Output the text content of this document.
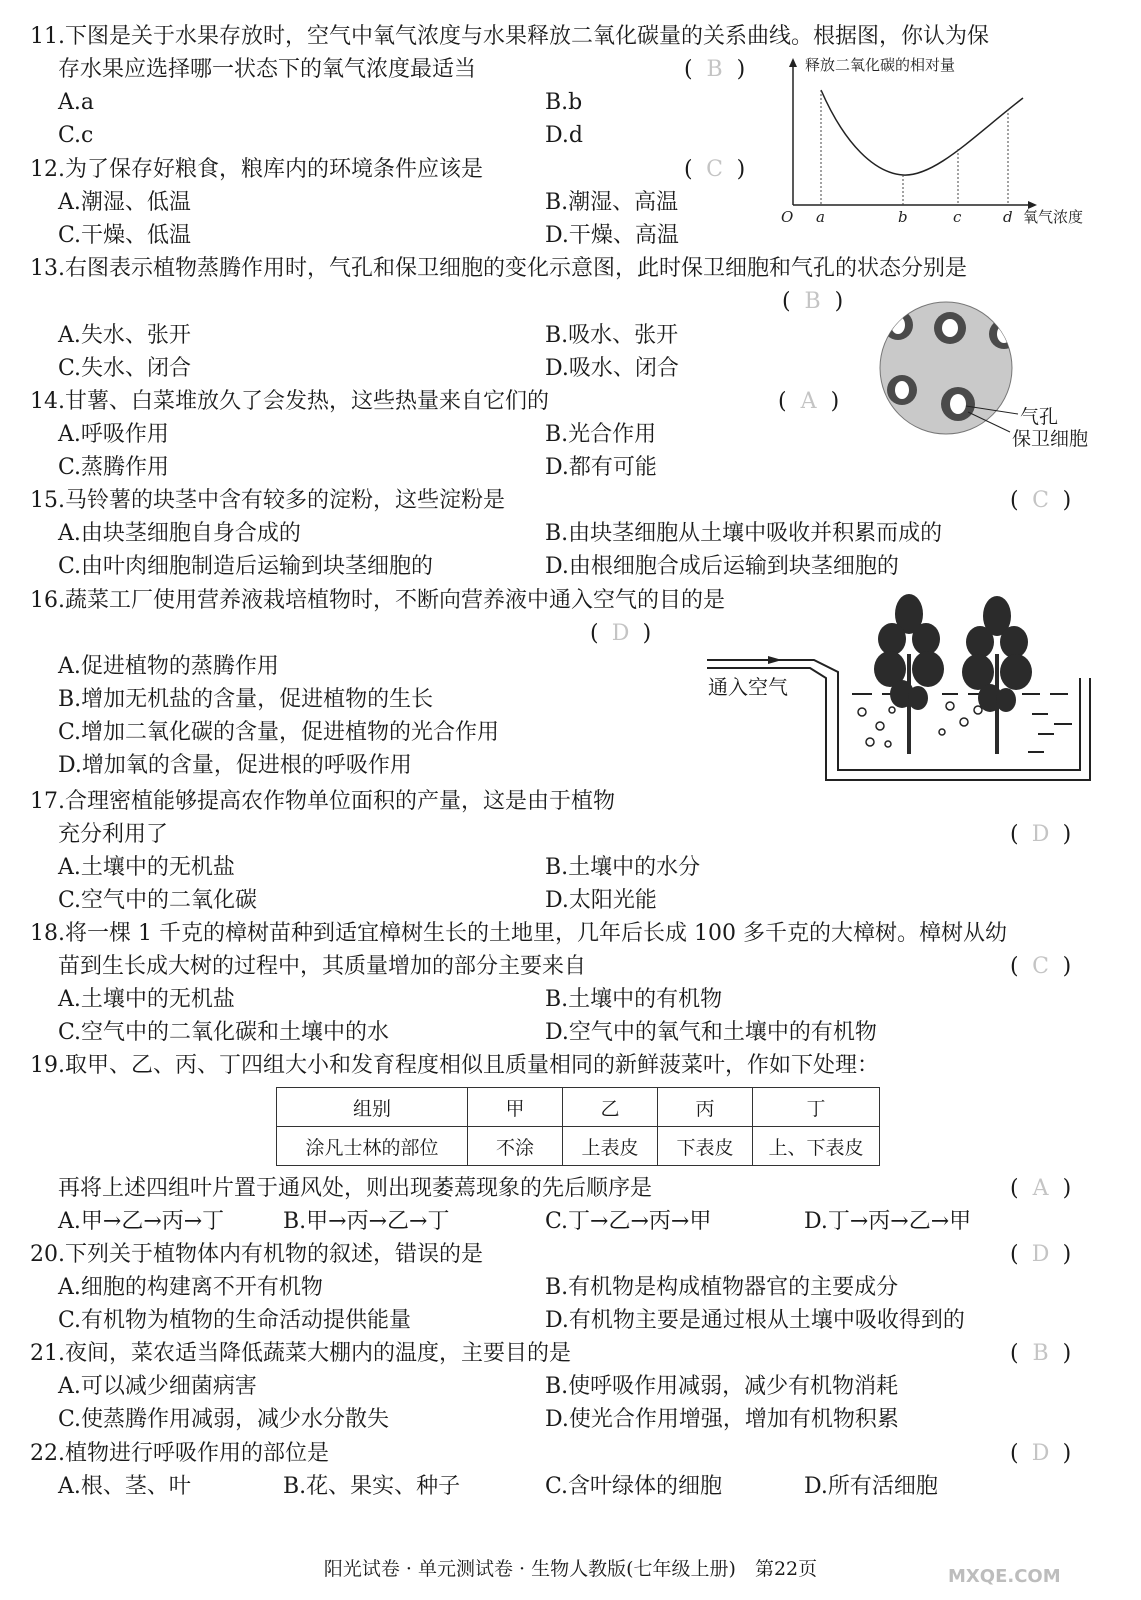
11.下图是关于水果存放时，空气中氧气浓度与水果释放二氧化碳量的关系曲线。根据图，你认为保
存水果应选择哪一状态下的氧气浓度最适当	( B )
A.a	B.b
C.c	D.d
释放二氧化碳的相对量
O a	b	c	d 氧气浓度
12.为了保存好粮食，粮库内的环境条件应该是	( C )
A.潮湿、低温	B.潮湿、高温
C.干燥、低温	D.干燥、高温
13.右图表示植物蒸腾作用时，气孔和保卫细胞的变化示意图，此时保卫细胞和气孔的状态分别是
( B )
A.失水、张开	B.吸水、张开
C.失水、闭合	D.吸水、闭合
气孔
保卫细胞
14.甘薯、白菜堆放久了会发热，这些热量来自它们的	( A )
A.呼吸作用	B.光合作用
C.蒸腾作用	D.都有可能
15.马铃薯的块茎中含有较多的淀粉，这些淀粉是	( C )
A.由块茎细胞自身合成的	B.由块茎细胞从土壤中吸收并积累而成的
C.由叶肉细胞制造后运输到块茎细胞的	D.由根细胞合成后运输到块茎细胞的
16.蔬菜工厂使用营养液栽培植物时，不断向营养液中通入空气的目的是
( D )
A.促进植物的蒸腾作用
B.增加无机盐的含量，促进植物的生长
C.增加二氧化碳的含量，促进植物的光合作用
D.增加氧的含量，促进根的呼吸作用
通入空气
17.合理密植能够提高农作物单位面积的产量，这是由于植物
充分利用了	( D )
A.土壤中的无机盐	B.土壤中的水分
C.空气中的二氧化碳	D.太阳光能
18.将一棵 1 千克的樟树苗种到适宜樟树生长的土地里，几年后长成 100 多千克的大樟树。樟树从幼
苗到生长成大树的过程中，其质量增加的部分主要来自	( C )
A.土壤中的无机盐	B.土壤中的有机物
C.空气中的二氧化碳和土壤中的水	D.空气中的氧气和土壤中的有机物
19.取甲、乙、丙、丁四组大小和发育程度相似且质量相同的新鲜菠菜叶，作如下处理：
组别	甲	乙	丙	丁
涂凡士林的部位	不涂	上表皮	下表皮	上、下表皮
再将上述四组叶片置于通风处，则出现萎蔫现象的先后顺序是	( A )
A.甲→乙→丙→丁	B.甲→丙→乙→丁	C.丁→乙→丙→甲	D.丁→丙→乙→甲
20.下列关于植物体内有机物的叙述，错误的是	( D )
A.细胞的构建离不开有机物	B.有机物是构成植物器官的主要成分
C.有机物为植物的生命活动提供能量	D.有机物主要是通过根从土壤中吸收得到的
21.夜间，菜农适当降低蔬菜大棚内的温度，主要目的是	( B )
A.可以减少细菌病害	B.使呼吸作用减弱，减少有机物消耗
C.使蒸腾作用减弱，减少水分散失	D.使光合作用增强，增加有机物积累
22.植物进行呼吸作用的部位是	( D )
A.根、茎、叶	B.花、果实、种子	C.含叶绿体的细胞	D.所有活细胞
MXQE.COM
阳光试卷 · 单元测试卷 · 生物人教版(七年级上册)　第22页
